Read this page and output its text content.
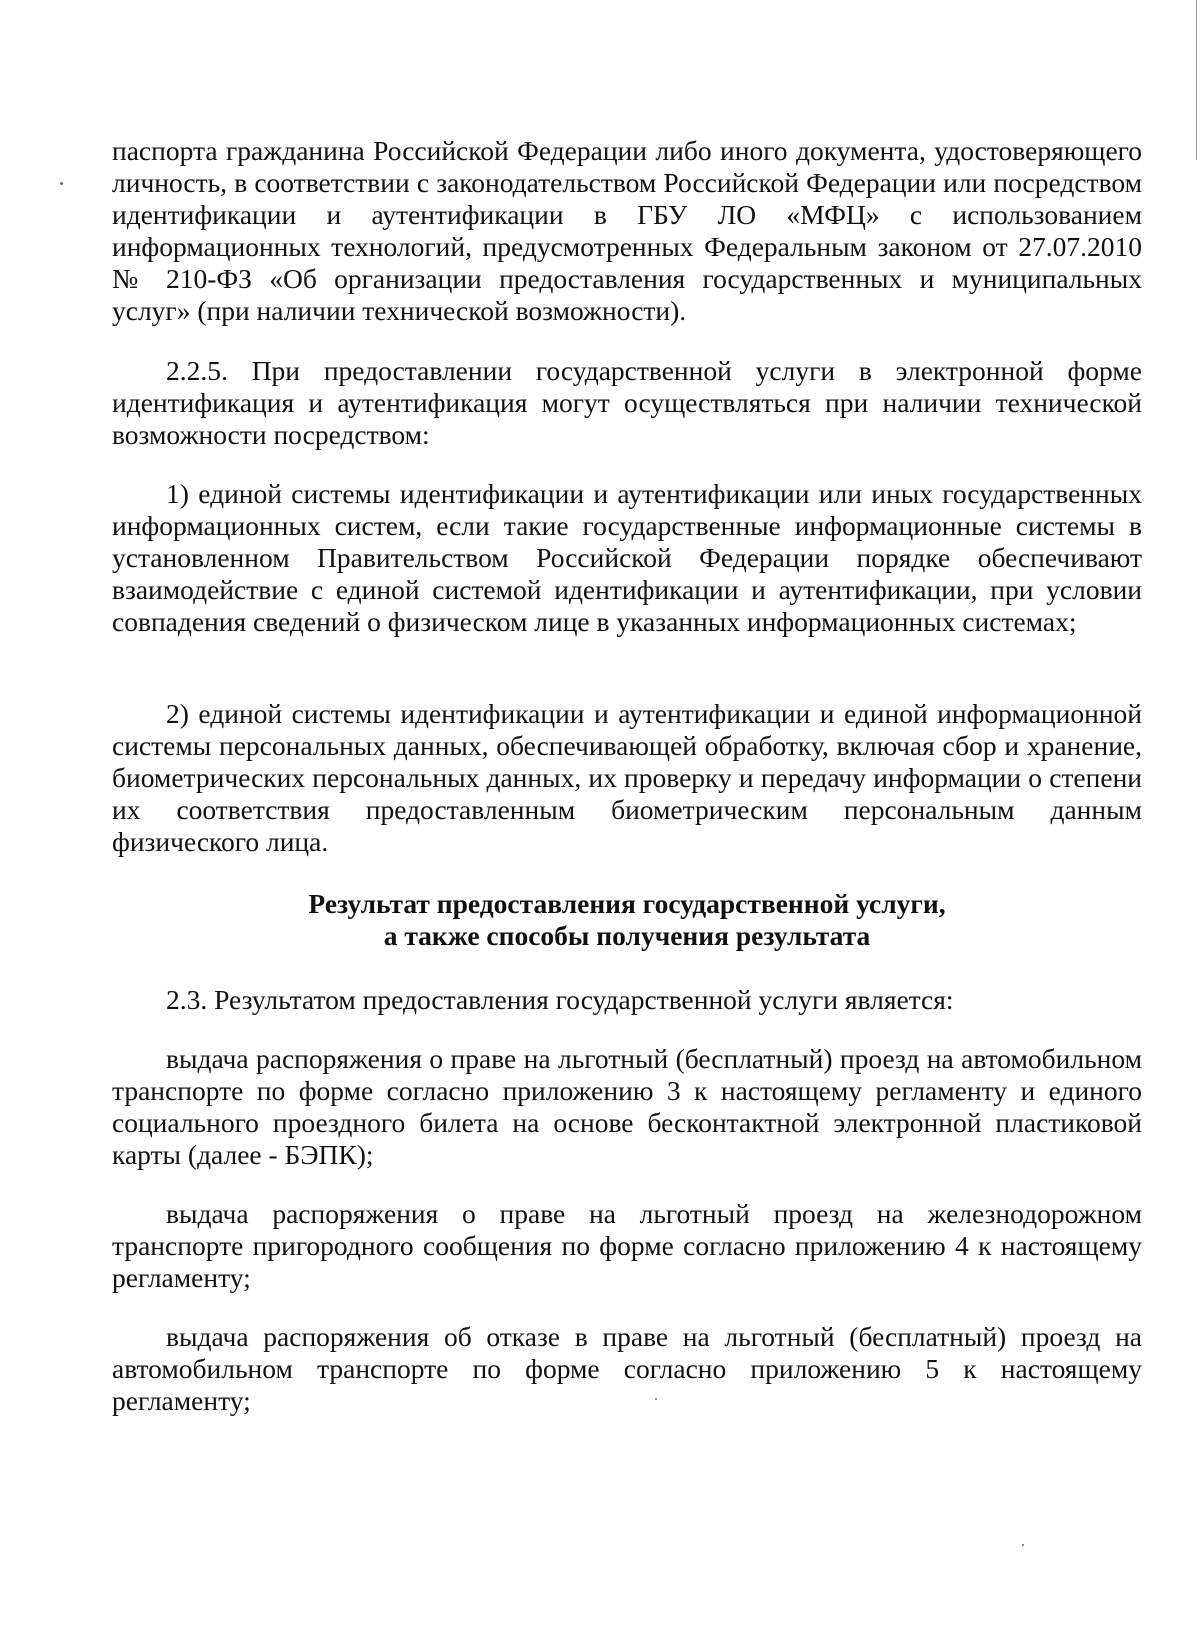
паспорта гражданина Российской Федерации либо иного документа, удостоверяющего личность, в соответствии с законодательством Российской Федерации или посредством идентификации и аутентификации в ГБУ ЛО «МФЦ» с использованием информационных технологий, предусмотренных Федеральным законом от 27.07.2010 № 210-ФЗ «Об организации предоставления государственных и муниципальных услуг» (при наличии технической возможности).
2.2.5. При предоставлении государственной услуги в электронной форме идентификация и аутентификация могут осуществляться при наличии технической возможности посредством:
1) единой системы идентификации и аутентификации или иных государственных информационных систем, если такие государственные информационные системы в установленном Правительством Российской Федерации порядке обеспечивают взаимодействие с единой системой идентификации и аутентификации, при условии совпадения сведений о физическом лице в указанных информационных системах;
2) единой системы идентификации и аутентификации и единой информационной системы персональных данных, обеспечивающей обработку, включая сбор и хранение, биометрических персональных данных, их проверку и передачу информации о степени их соответствия предоставленным биометрическим персональным данным физического лица.
Результат предоставления государственной услуги,
а также способы получения результата
2.3. Результатом предоставления государственной услуги является:
выдача распоряжения о праве на льготный (бесплатный) проезд на автомобильном транспорте по форме согласно приложению 3 к настоящему регламенту и единого социального проездного билета на основе бесконтактной электронной пластиковой карты (далее - БЭПК);
выдача распоряжения о праве на льготный проезд на железнодорожном транспорте пригородного сообщения по форме согласно приложению 4 к настоящему регламенту;
выдача распоряжения об отказе в праве на льготный (бесплатный) проезд на автомобильном транспорте по форме согласно приложению 5 к настоящему регламенту;
